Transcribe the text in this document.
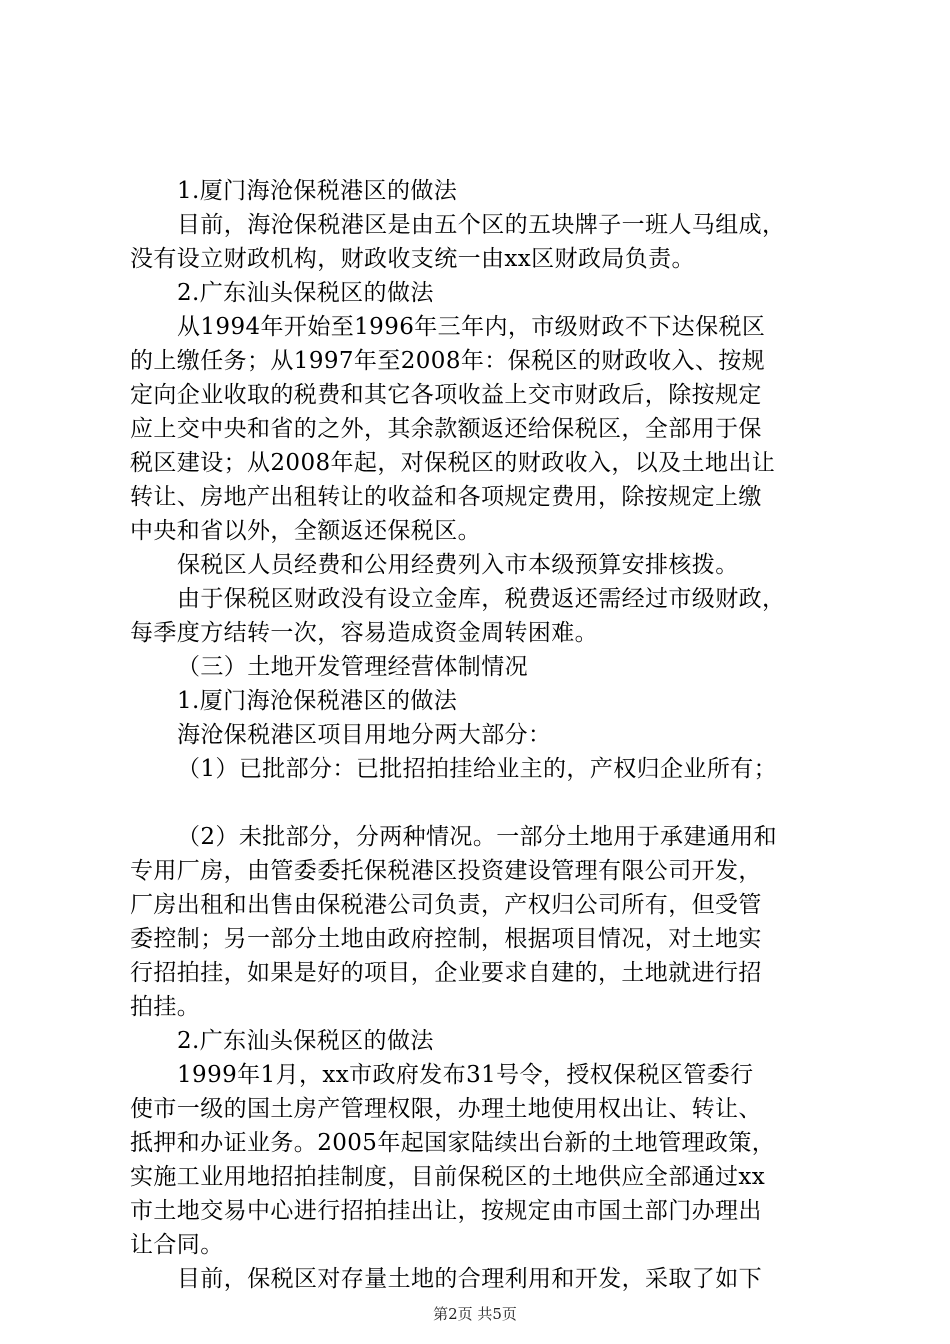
1.厦门海沧保税港区的做法
目前，海沧保税港区是由五个区的五块牌子一班人马组成，
没有设立财政机构，财政收支统一由xx区财政局负责。
2.广东汕头保税区的做法
从1994年开始至1996年三年内，市级财政不下达保税区
的上缴任务；从1997年至2008年：保税区的财政收入、按规
定向企业收取的税费和其它各项收益上交市财政后，除按规定
应上交中央和省的之外，其余款额返还给保税区，全部用于保
税区建设；从2008年起，对保税区的财政收入，以及土地出让
转让、房地产出租转让的收益和各项规定费用，除按规定上缴
中央和省以外，全额返还保税区。
保税区人员经费和公用经费列入市本级预算安排核拨。
由于保税区财政没有设立金库，税费返还需经过市级财政，
每季度方结转一次，容易造成资金周转困难。
（三）土地开发管理经营体制情况
1.厦门海沧保税港区的做法
海沧保税港区项目用地分两大部分：
（1）已批部分：已批招拍挂给业主的，产权归企业所有；
（2）未批部分，分两种情况。一部分土地用于承建通用和
专用厂房，由管委委托保税港区投资建设管理有限公司开发，
厂房出租和出售由保税港公司负责，产权归公司所有，但受管
委控制；另一部分土地由政府控制，根据项目情况，对土地实
行招拍挂，如果是好的项目，企业要求自建的，土地就进行招
拍挂。
2.广东汕头保税区的做法
1999年1月，xx市政府发布31号令，授权保税区管委行
使市一级的国土房产管理权限，办理土地使用权出让、转让、
抵押和办证业务。2005年起国家陆续出台新的土地管理政策，
实施工业用地招拍挂制度，目前保税区的土地供应全部通过xx
市土地交易中心进行招拍挂出让，按规定由市国土部门办理出
让合同。
目前，保税区对存量土地的合理利用和开发，采取了如下
第2页 共5页
